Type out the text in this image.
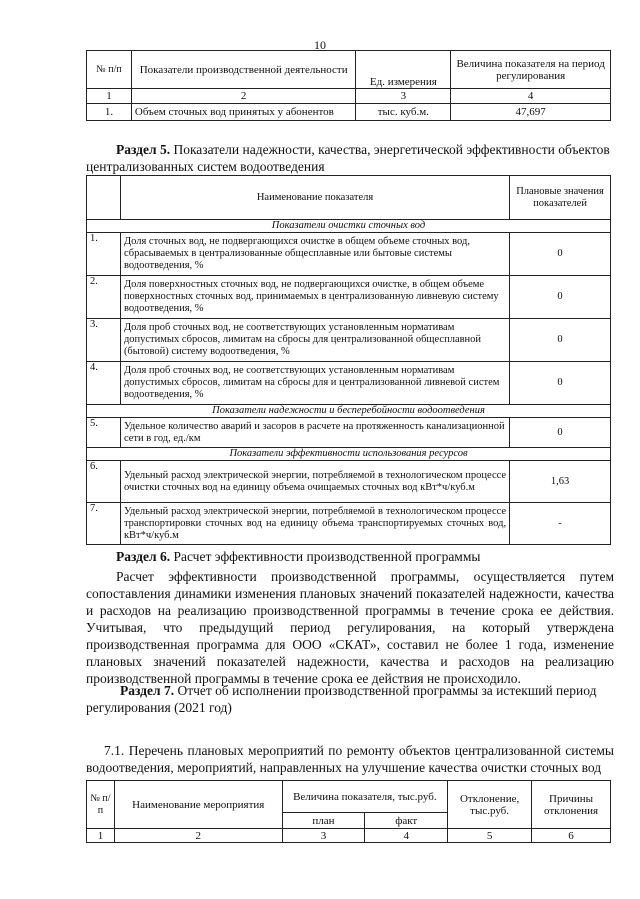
10
№ п/п	Показатели производственной деятельности	Ед. измерения	Величина показателя на период регулирования
1	2	3	4
1.	Объем сточных вод принятых у абонентов	тыс. куб.м.	47,697
Раздел 5. Показатели надежности, качества, энергетической эффективности объектов централизованных систем водоотведения
	Наименование показателя	Плановые значения показателей
Показатели очистки сточных вод		
1.	Доля сточных вод, не подвергающихся очистке в общем объеме сточных вод, сбрасываемых в централизованные общесплавные или бытовые системы водоотведения, %	0
2.	Доля поверхностных сточных вод, не подвергающихся очистке, в общем объеме поверхностных сточных вод, принимаемых в централизованную ливневую систему водоотведения, %	0
3.	Доля проб сточных вод, не соответствующих установленным нормативам допустимых сбросов, лимитам на сбросы для централизованной общесплавной (бытовой) систему водоотведения, %	0
4.	Доля проб сточных вод, не соответствующих установленным нормативам допустимых сбросов, лимитам на сбросы для и централизованной ливневой систем водоотведения, %	0
Показатели надежности и бесперебойности водоотведения		
5.	Удельное количество аварий и засоров в расчете на протяженность канализационной сети в год, ед./км	0
Показатели эффективности использования ресурсов		
6.	Удельный расход электрической энергии, потребляемой в технологическом процессе очистки сточных вод на единицу объема очищаемых сточных вод кВт*ч/куб.м	1,63
7.	Удельный расход электрической энергии, потребляемой в технологическом процессе транспортировки сточных вод на единицу объема транспортируемых сточных вод, кВт*ч/куб.м	-
Раздел 6. Расчет эффективности производственной программы
Расчет эффективности производственной программы, осуществляется путем сопоставления динамики изменения плановых значений показателей надежности, качества и расходов на реализацию производственной программы в течение срока ее действия. Учитывая, что предыдущий период регулирования, на который утверждена производственная программа для ООО «СКАТ», составил не более 1 года, изменение плановых значений показателей надежности, качества и расходов на реализацию производственной программы в течение срока ее действия не происходило.
Раздел 7. Отчет об исполнении производственной программы за истекший период регулирования (2021 год)
7.1. Перечень плановых мероприятий по ремонту объектов централизованной системы водоотведения, мероприятий, направленных на улучшение качества очистки сточных вод
№ п/п	Наименование мероприятия	Величина показателя, тыс.руб.		Отклонение, тыс.руб.	Причины отклонения
		план	факт		
1	2	3	4	5	6
